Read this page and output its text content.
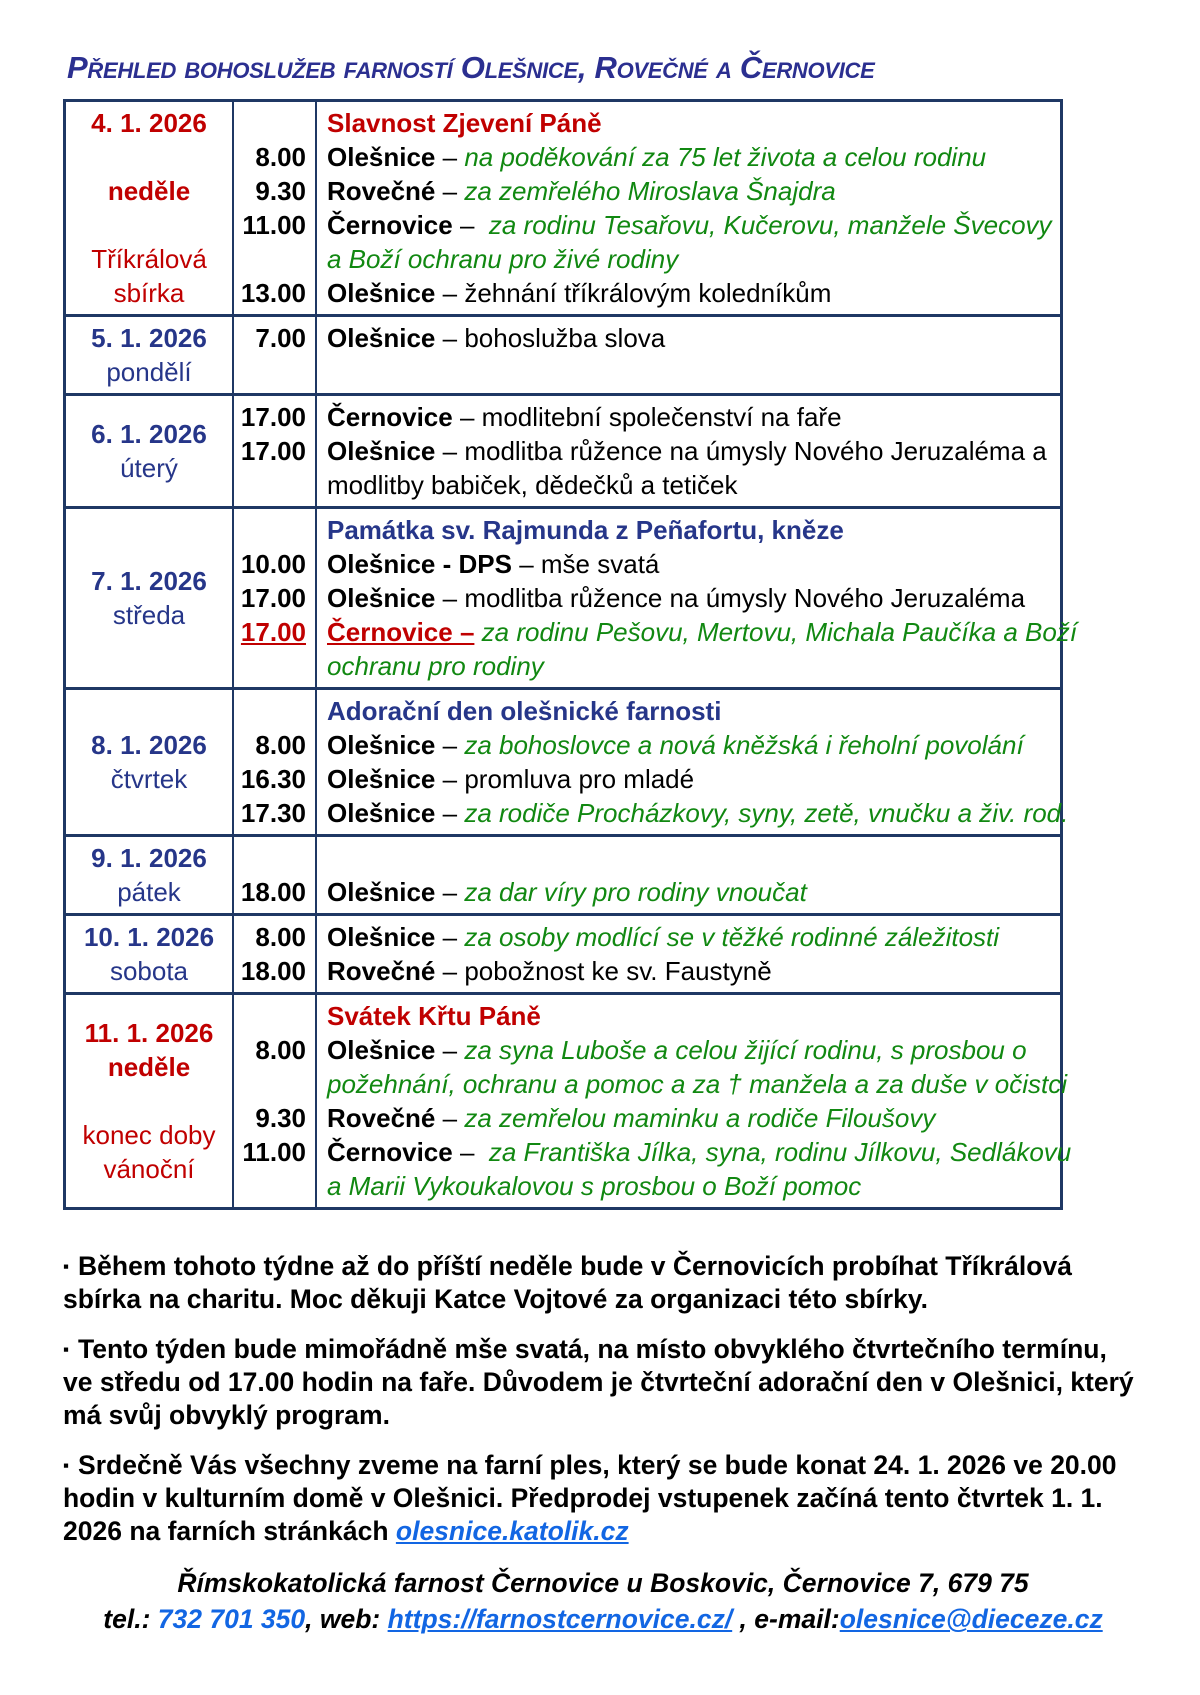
Přehled bohoslužeb farností Olešnice, Rovečné a Černovice
4. 1. 2026

neděle

Tříkrálová
sbírka

8.00
9.30
11.00

13.00
Slavnost Zjevení Páně
Olešnice – na poděkování za 75 let života a celou rodinu
Rovečné – za zemřelého Miroslava Šnajdra
Černovice –  za rodinu Tesařovu, Kučerovu, manžele Švecovy
a Boží ochranu pro živé rodiny
Olešnice – žehnání tříkrálovým koledníkům
5. 1. 2026
pondělí
7.00
Olešnice – bohoslužba slova

6. 1. 2026
úterý
17.00
17.00

Černovice – modlitební společenství na faře
Olešnice – modlitba růžence na úmysly Nového Jeruzaléma a
modlitby babiček, dědečků a tetiček
7. 1. 2026
středa

10.00
17.00
17.00

Památka sv. Rajmunda z Peñafortu, kněze
Olešnice - DPS – mše svatá
Olešnice – modlitba růžence na úmysly Nového Jeruzaléma
Černovice – za rodinu Pešovu, Mertovu, Michala Paučíka a Boží
ochranu pro rodiny
8. 1. 2026
čtvrtek

8.00
16.30
17.30
Adorační den olešnické farnosti
Olešnice – za bohoslovce a nová kněžská i řeholní povolání
Olešnice – promluva pro mladé
Olešnice – za rodiče Procházkovy, syny, zetě, vnučku a živ. rod.
9. 1. 2026
pátek
18.00
Olešnice – za dar víry pro rodiny vnoučat
10. 1. 2026
sobota
8.00
18.00
Olešnice – za osoby modlící se v těžké rodinné záležitosti
Rovečné – pobožnost ke sv. Faustyně
11. 1. 2026
neděle

konec doby
vánoční

8.00

9.30
11.00

Svátek Křtu Páně
Olešnice – za syna Luboše a celou žijící rodinu, s prosbou o
požehnání, ochranu a pomoc a za † manžela a za duše v očistci
Rovečné – za zemřelou maminku a rodiče Filoušovy
Černovice –  za Františka Jílka, syna, rodinu Jílkovu, Sedlákovu
a Marii Vykoukalovou s prosbou o Boží pomoc
▪ Během tohoto týdne až do příští neděle bude v Černovicích probíhat Tříkrálová sbírka na charitu. Moc děkuji Katce Vojtové za organizaci této sbírky.
▪ Tento týden bude mimořádně mše svatá, na místo obvyklého čtvrtečního termínu, ve středu od 17.00 hodin na faře. Důvodem je čtvrteční adorační den v Olešnici, který má svůj obvyklý program.
▪ Srdečně Vás všechny zveme na farní ples, který se bude konat 24. 1. 2026 ve 20.00 hodin v kulturním domě v Olešnici. Předprodej vstupenek začíná tento čtvrtek 1. 1. 2026 na farních stránkách olesnice.katolik.cz
Římskokatolická farnost Černovice u Boskovic, Černovice 7, 679 75
tel.: 732 701 350, web: https://farnostcernovice.cz/ , e-mail:olesnice@dieceze.cz
